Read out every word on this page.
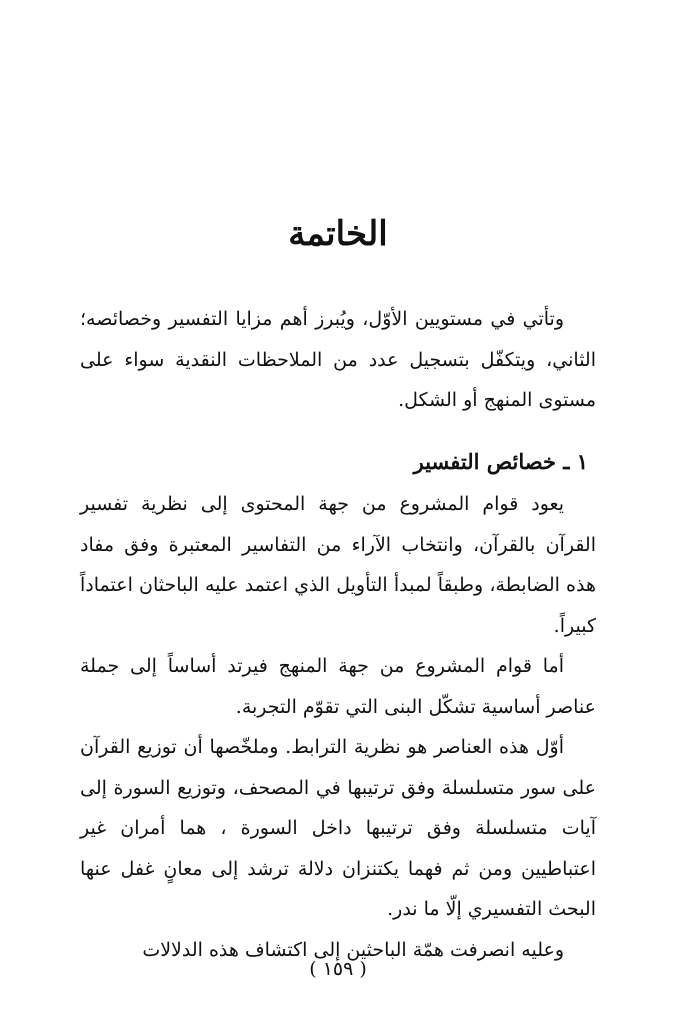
الخاتمة

وتأتي في مستويين الأوّل، ويُبرز أهم مزايا التفسير وخصائصه؛ الثاني، ويتكفّل بتسجيل عدد من الملاحظات النقدية سواء على مستوى المنهج أو الشكل.

١ ـ خصائص التفسير

يعود قوام المشروع من جهة المحتوى إلى نظرية تفسير القرآن بالقرآن، وانتخاب الآراء من التفاسير المعتبرة وفق مفاد هذه الضابطة، وطبقاً لمبدأ التأويل الذي اعتمد عليه الباحثان اعتماداً كبيراً.

أما قوام المشروع من جهة المنهج فيرتد أساساً إلى جملة عناصر أساسية تشكّل البنى التي تقوّم التجربة.

أوّل هذه العناصر هو نظرية الترابط. وملخّصها أن توزيع القرآن على سور متسلسلة وفق ترتيبها في المصحف، وتوزيع السورة إلى آيات متسلسلة وفق ترتيبها داخل السورة ، هما أمران غير اعتباطيين ومن ثم فهما يكتنزان دلالة ترشد إلى معانٍ غفل عنها البحث التفسيري إلّا ما ندر.

وعليه انصرفت همّة الباحثين إلى اكتشاف هذه الدلالات

( ١٥٩ )
